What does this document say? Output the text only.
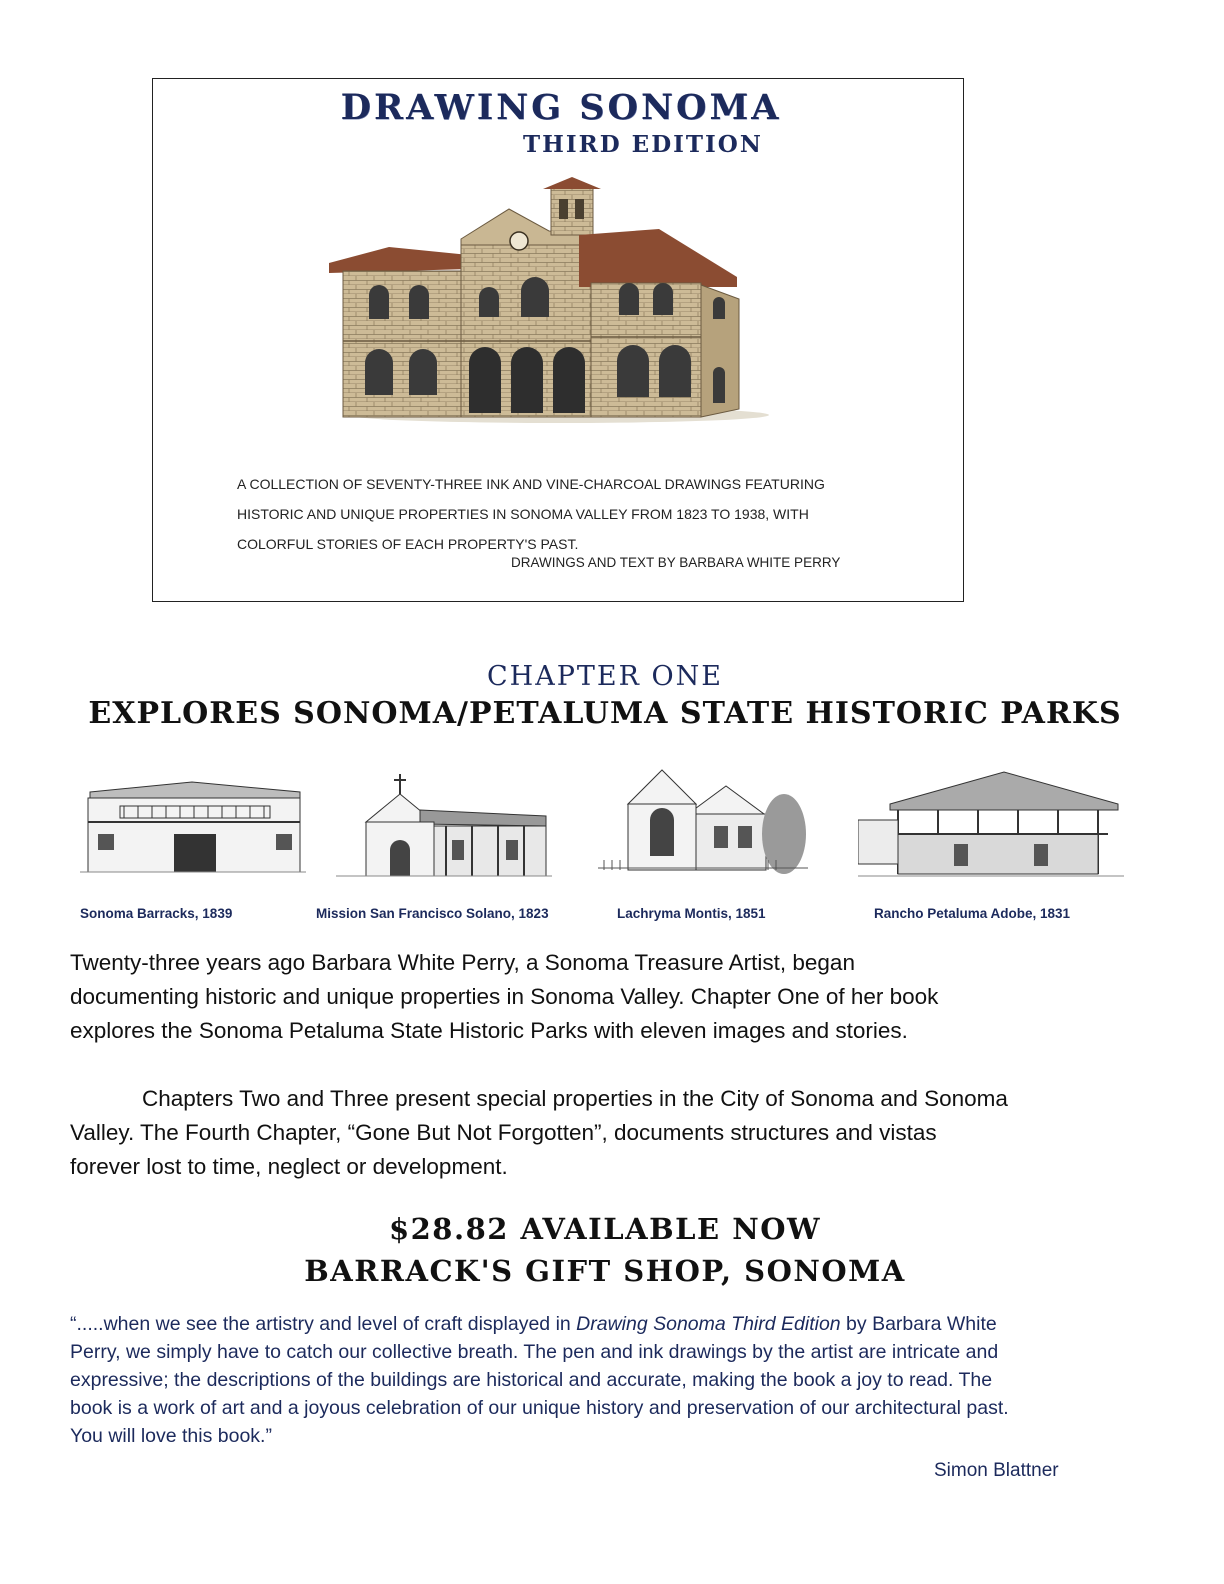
DRAWING SONOMA
THIRD EDITION
A COLLECTION OF SEVENTY-THREE INK AND VINE-CHARCOAL DRAWINGS FEATURING
HISTORIC AND UNIQUE PROPERTIES IN SONOMA VALLEY FROM 1823 TO 1938, WITH
COLORFUL STORIES OF EACH PROPERTY'S PAST.
DRAWINGS AND TEXT BY BARBARA WHITE PERRY
CHAPTER ONE
EXPLORES SONOMA/PETALUMA STATE HISTORIC PARKS
Sonoma Barracks, 1839	Mission San Francisco Solano, 1823	Lachryma Montis, 1851	Rancho Petaluma Adobe, 1831
Twenty-three years ago Barbara White Perry, a Sonoma Treasure Artist, began
documenting historic and unique properties in Sonoma Valley. Chapter One of her book
explores the Sonoma Petaluma State Historic Parks with eleven images and stories.
Chapters Two and Three present special properties in the City of Sonoma and Sonoma
Valley. The Fourth Chapter, “Gone But Not Forgotten”, documents structures and vistas
forever lost to time, neglect or development.
$28.82 AVAILABLE NOW
BARRACK'S GIFT SHOP, SONOMA
“.....when we see the artistry and level of craft displayed in Drawing Sonoma Third Edition by Barbara White
Perry, we simply have to catch our collective breath. The pen and ink drawings by the artist are intricate and
expressive; the descriptions of the buildings are historical and accurate, making the book a joy to read. The
book is a work of art and a joyous celebration of our unique history and preservation of our architectural past.
You will love this book.”
Simon Blattner
